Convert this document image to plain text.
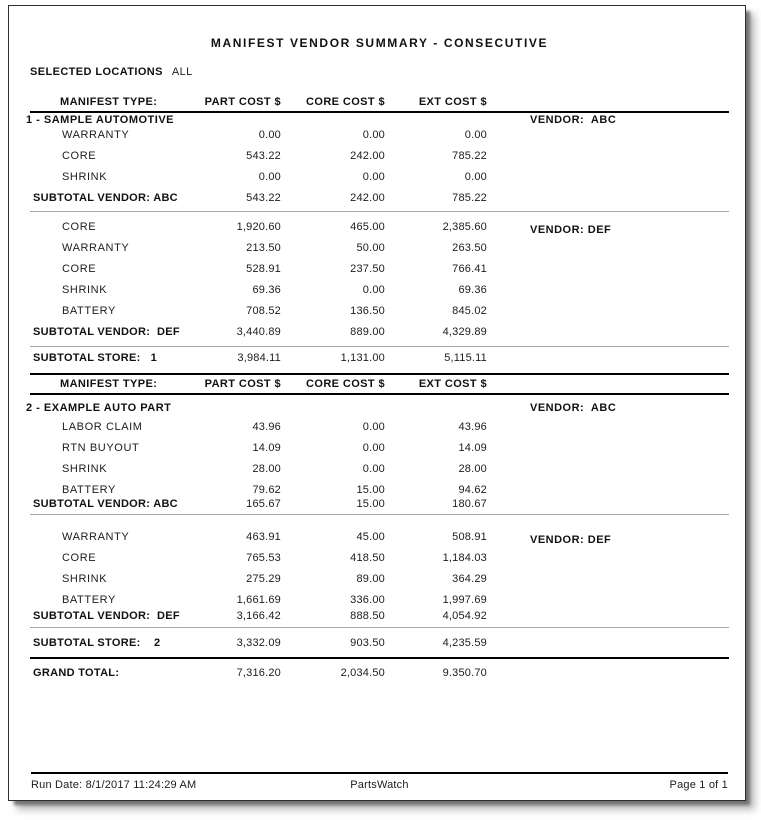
MANIFEST VENDOR SUMMARY - CONSECUTIVE
SELECTED LOCATIONS ALL
MANIFEST TYPE:	PART COST $	CORE COST $	EXT COST $
1 - SAMPLE AUTOMOTIVE	VENDOR:  ABC
WARRANTY	0.00	0.00	0.00
CORE	543.22	242.00	785.22
SHRINK	0.00	0.00	0.00
SUBTOTAL VENDOR: ABC	543.22	242.00	785.22
VENDOR: DEF
CORE	1,920.60	465.00	2,385.60
WARRANTY	213.50	50.00	263.50
CORE	528.91	237.50	766.41
SHRINK	69.36	0.00	69.36
BATTERY	708.52	136.50	845.02
SUBTOTAL VENDOR:  DEF	3,440.89	889.00	4,329.89
SUBTOTAL STORE:   1	3,984.11	1,131.00	5,115.11
MANIFEST TYPE:	PART COST $	CORE COST $	EXT COST $
2 - EXAMPLE AUTO PART	VENDOR:  ABC
LABOR CLAIM	43.96	0.00	43.96
RTN BUYOUT	14.09	0.00	14.09
SHRINK	28.00	0.00	28.00
BATTERY	79.62	15.00	94.62
SUBTOTAL VENDOR: ABC	165.67	15.00	180.67
VENDOR: DEF
WARRANTY	463.91	45.00	508.91
CORE	765.53	418.50	1,184.03
SHRINK	275.29	89.00	364.29
BATTERY	1,661.69	336.00	1,997.69
SUBTOTAL VENDOR:  DEF	3,166.42	888.50	4,054.92
SUBTOTAL STORE:    2	3,332.09	903.50	4,235.59
GRAND TOTAL:	7,316.20	2,034.50	9.350.70
Run Date: 8/1/2017 11:24:29 AM	PartsWatch	Page 1 of 1
